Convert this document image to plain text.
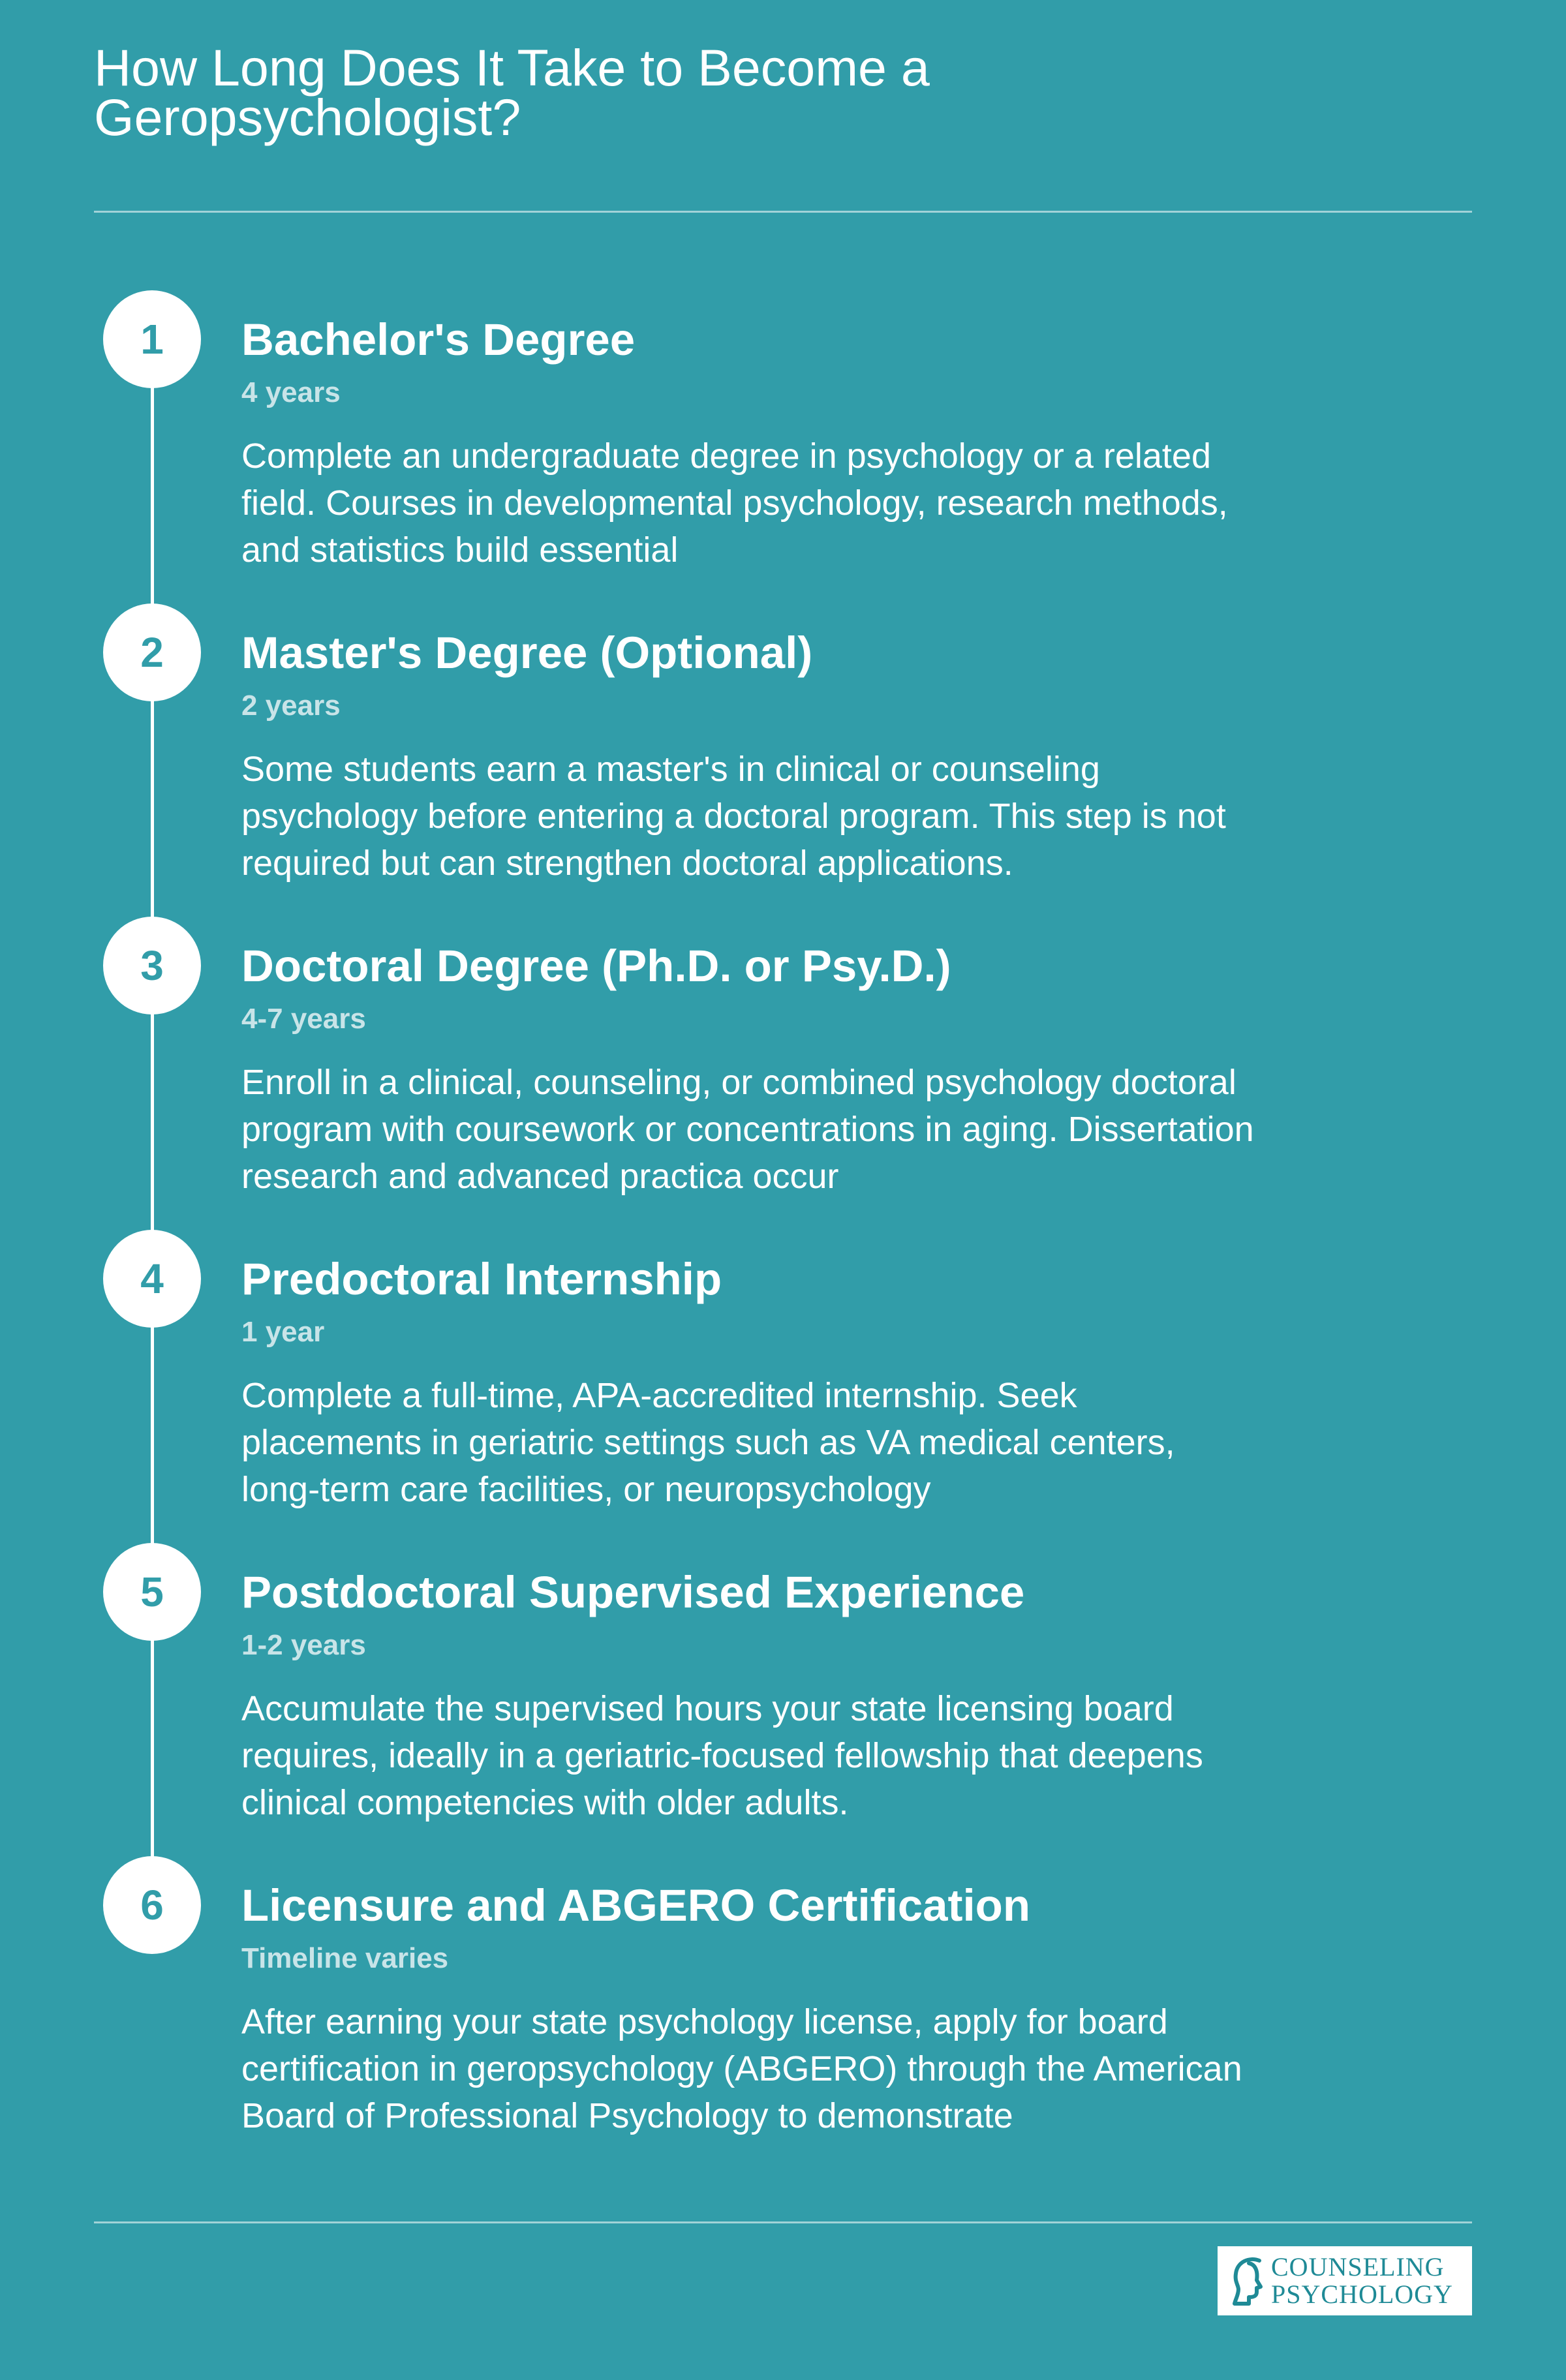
How Long Does It Take to Become a Geropsychologist?
1	Bachelor's Degree
4 years

Complete an undergraduate degree in psychology or a related field. Courses in developmental psychology, research methods, and statistics build essential

2	Master's Degree (Optional)
2 years

Some students earn a master's in clinical or counseling psychology before entering a doctoral program. This step is not required but can strengthen doctoral applications.

3	Doctoral Degree (Ph.D. or Psy.D.)
4-7 years

Enroll in a clinical, counseling, or combined psychology doctoral program with coursework or concentrations in aging. Dissertation research and advanced practica occur

4	Predoctoral Internship
1 year

Complete a full-time, APA-accredited internship. Seek placements in geriatric settings such as VA medical centers, long-term care facilities, or neuropsychology

5	Postdoctoral Supervised Experience
1-2 years

Accumulate the supervised hours your state licensing board requires, ideally in a geriatric-focused fellowship that deepens clinical competencies with older adults.

6	Licensure and ABGERO Certification
Timeline varies

After earning your state psychology license, apply for board certification in geropsychology (ABGERO) through the American Board of Professional Psychology to demonstrate

COUNSELING
PSYCHOLOGY
